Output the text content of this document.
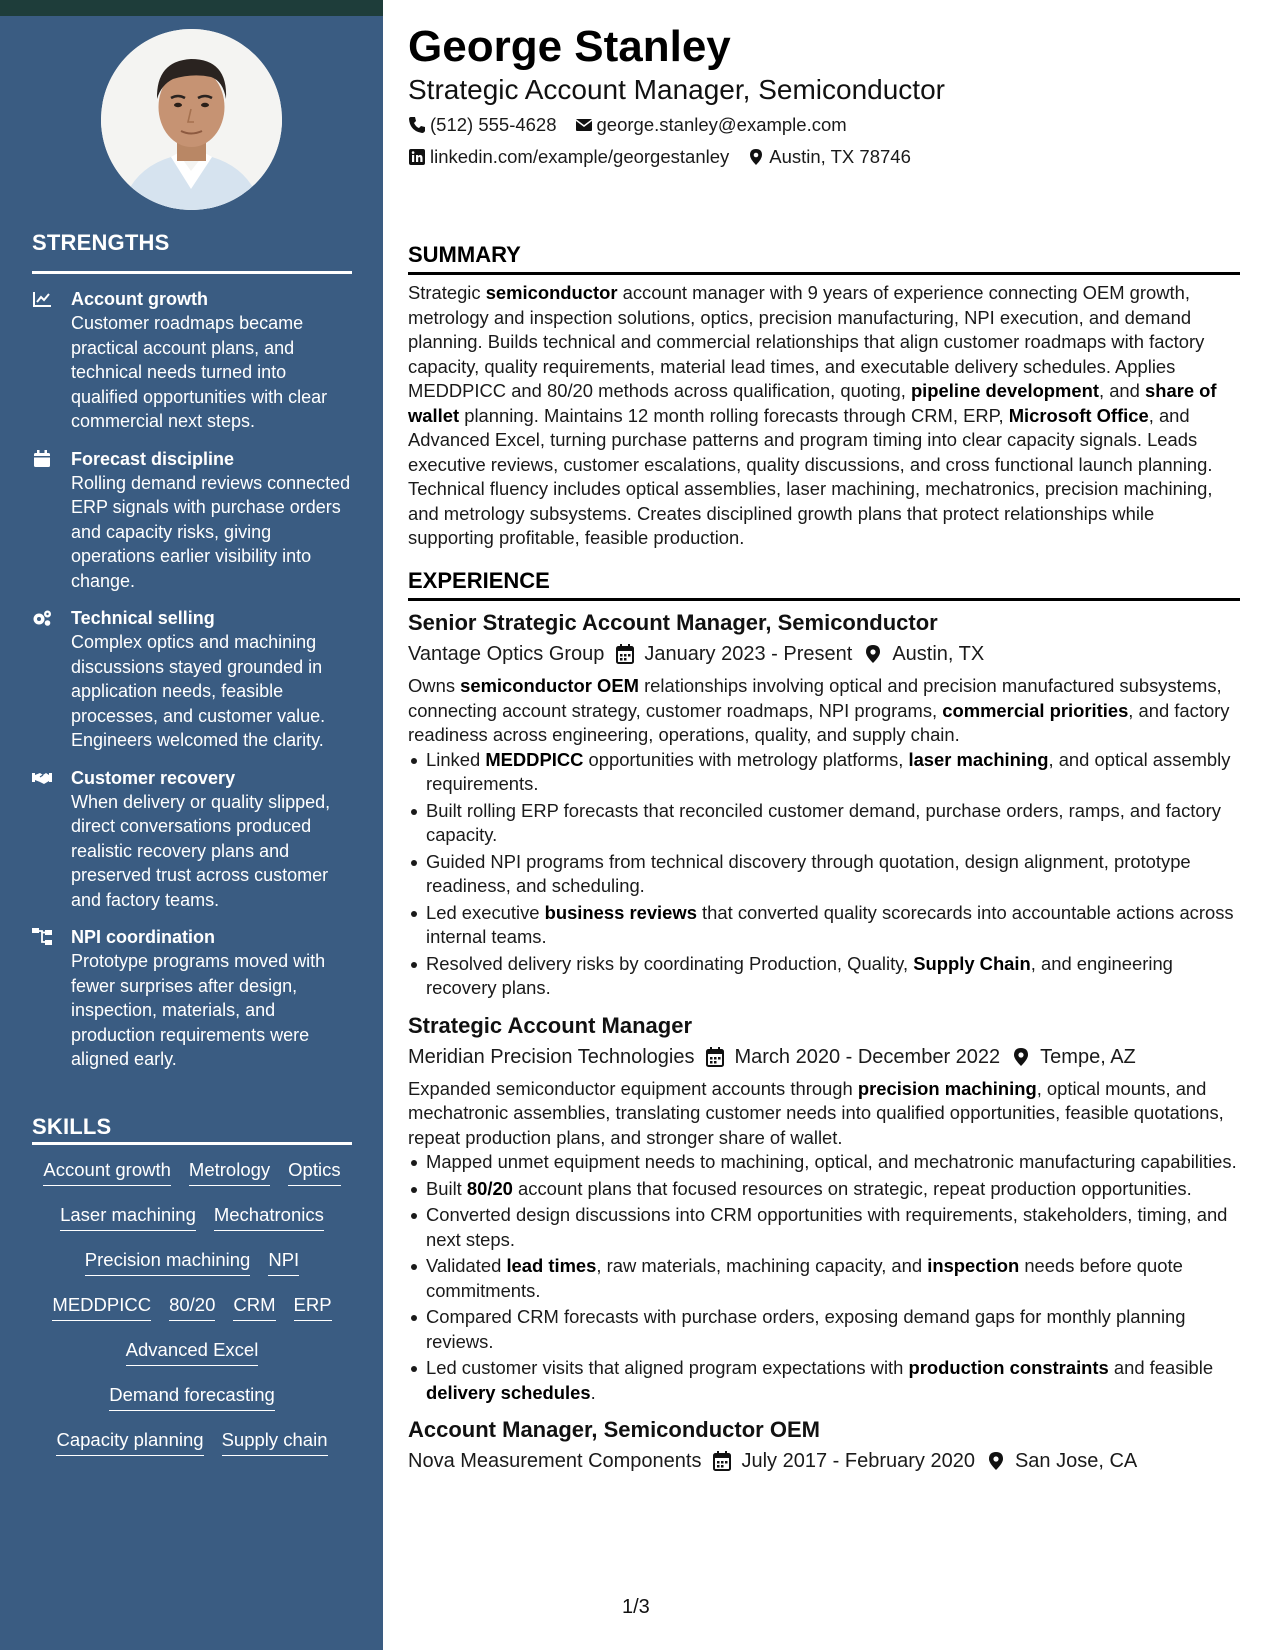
STRENGTHS
Account growth
Customer roadmaps became practical account plans, and technical needs turned into qualified opportunities with clear commercial next steps.
Forecast discipline
Rolling demand reviews connected ERP signals with purchase orders and capacity risks, giving operations earlier visibility into change.
Technical selling
Complex optics and machining discussions stayed grounded in application needs, feasible processes, and customer value. Engineers welcomed the clarity.
Customer recovery
When delivery or quality slipped, direct conversations produced realistic recovery plans and preserved trust across customer and factory teams.
NPI coordination
Prototype programs moved with fewer surprises after design, inspection, materials, and production requirements were aligned early.
SKILLS
Account growth Metrology Optics
Laser machining Mechatronics
Precision machining NPI
MEDDPICC 80/20 CRM ERP
Advanced Excel
Demand forecasting
Capacity planning Supply chain
George Stanley
Strategic Account Manager, Semiconductor
(512) 555-4628 george.stanley@example.com
linkedin.com/example/georgestanley Austin, TX 78746
SUMMARY
Strategic semiconductor account manager with 9 years of experience connecting OEM growth, metrology and inspection solutions, optics, precision manufacturing, NPI execution, and demand planning. Builds technical and commercial relationships that align customer roadmaps with factory capacity, quality requirements, material lead times, and executable delivery schedules. Applies MEDDPICC and 80/20 methods across qualification, quoting, pipeline development, and share of wallet planning. Maintains 12 month rolling forecasts through CRM, ERP, Microsoft Office, and Advanced Excel, turning purchase patterns and program timing into clear capacity signals. Leads executive reviews, customer escalations, quality discussions, and cross functional launch planning. Technical fluency includes optical assemblies, laser machining, mechatronics, precision machining, and metrology subsystems. Creates disciplined growth plans that protect relationships while supporting profitable, feasible production.
EXPERIENCE
Senior Strategic Account Manager, Semiconductor
Vantage Optics Group January 2023 - Present Austin, TX
Owns semiconductor OEM relationships involving optical and precision manufactured subsystems, connecting account strategy, customer roadmaps, NPI programs, commercial priorities, and factory readiness across engineering, operations, quality, and supply chain.
Linked MEDDPICC opportunities with metrology platforms, laser machining, and optical assembly requirements.
Built rolling ERP forecasts that reconciled customer demand, purchase orders, ramps, and factory capacity.
Guided NPI programs from technical discovery through quotation, design alignment, prototype readiness, and scheduling.
Led executive business reviews that converted quality scorecards into accountable actions across internal teams.
Resolved delivery risks by coordinating Production, Quality, Supply Chain, and engineering recovery plans.
Strategic Account Manager
Meridian Precision Technologies March 2020 - December 2022 Tempe, AZ
Expanded semiconductor equipment accounts through precision machining, optical mounts, and mechatronic assemblies, translating customer needs into qualified opportunities, feasible quotations, repeat production plans, and stronger share of wallet.
Mapped unmet equipment needs to machining, optical, and mechatronic manufacturing capabilities.
Built 80/20 account plans that focused resources on strategic, repeat production opportunities.
Converted design discussions into CRM opportunities with requirements, stakeholders, timing, and next steps.
Validated lead times, raw materials, machining capacity, and inspection needs before quote commitments.
Compared CRM forecasts with purchase orders, exposing demand gaps for monthly planning reviews.
Led customer visits that aligned program expectations with production constraints and feasible delivery schedules.
Account Manager, Semiconductor OEM
Nova Measurement Components July 2017 - February 2020 San Jose, CA
1/3
